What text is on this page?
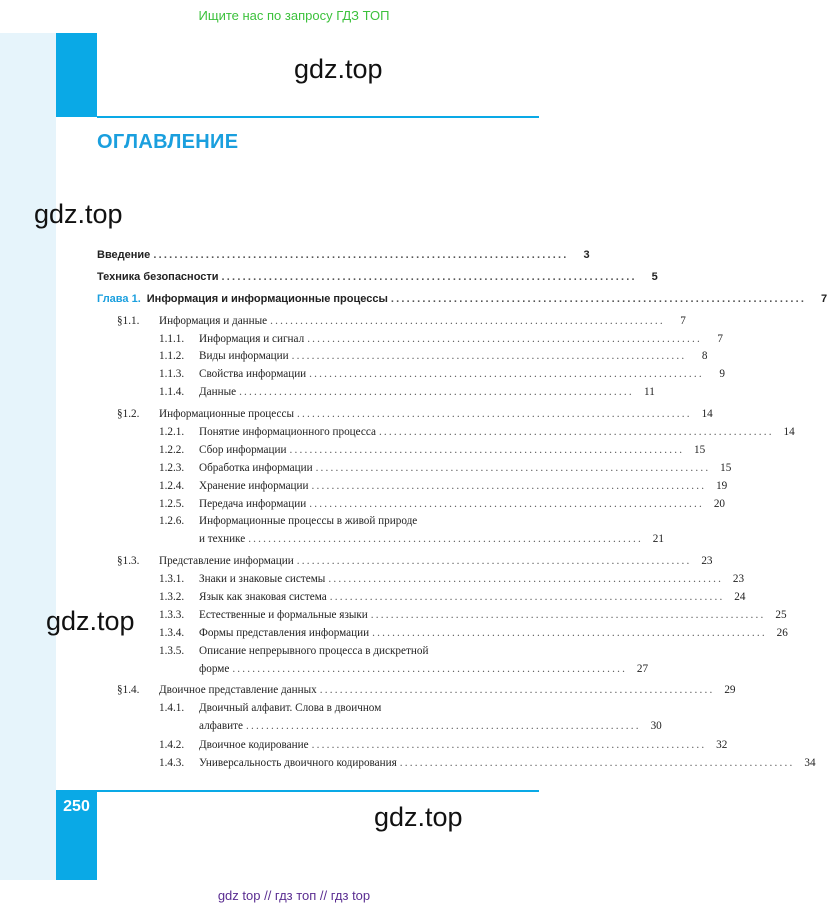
Ищите нас по запросу ГДЗ ТОП
gdz.top
ОГЛАВЛЕНИЕ
gdz.top
Введение ...............................................................................	3
Техника безопасности ...............................................................................	5
Глава 1. Информация и информационные процессы ...............................................................................	7
§1.1.	Информация и данные ...............................................................................	7
1.1.1.	Информация и сигнал ...............................................................................	7
1.1.2.	Виды информации ...............................................................................	8
1.1.3.	Свойства информации ...............................................................................	9
1.1.4.	Данные ............................................................................... 11
§1.2.	Информационные процессы ............................................................................... 14
1.2.1.	Понятие информационного процесса ............................................................................... 14
1.2.2.	Сбор информации ............................................................................... 15
1.2.3.	Обработка информации ............................................................................... 15
1.2.4.	Хранение информации ............................................................................... 19
1.2.5.	Передача информации ............................................................................... 20
1.2.6.	Информационные процессы в живой природе
и технике ............................................................................... 21
§1.3.	Представление информации ............................................................................... 23
1.3.1.	Знаки и знаковые системы ............................................................................... 23
1.3.2.	Язык как знаковая система ............................................................................... 24
1.3.3.	Естественные и формальные языки ............................................................................... 25
1.3.4.	Формы представления информации ............................................................................... 26
1.3.5.	Описание непрерывного процесса в дискретной
форме ............................................................................... 27
§1.4.	Двоичное представление данных ............................................................................... 29
1.4.1.	Двоичный алфавит. Слова в двоичном
алфавите ............................................................................... 30
1.4.2.	Двоичное кодирование ............................................................................... 32
1.4.3.	Универсальность двоичного кодирования ............................................................................... 34
gdz.top
250	gdz.top
gdz top // гдз топ // гдз top
